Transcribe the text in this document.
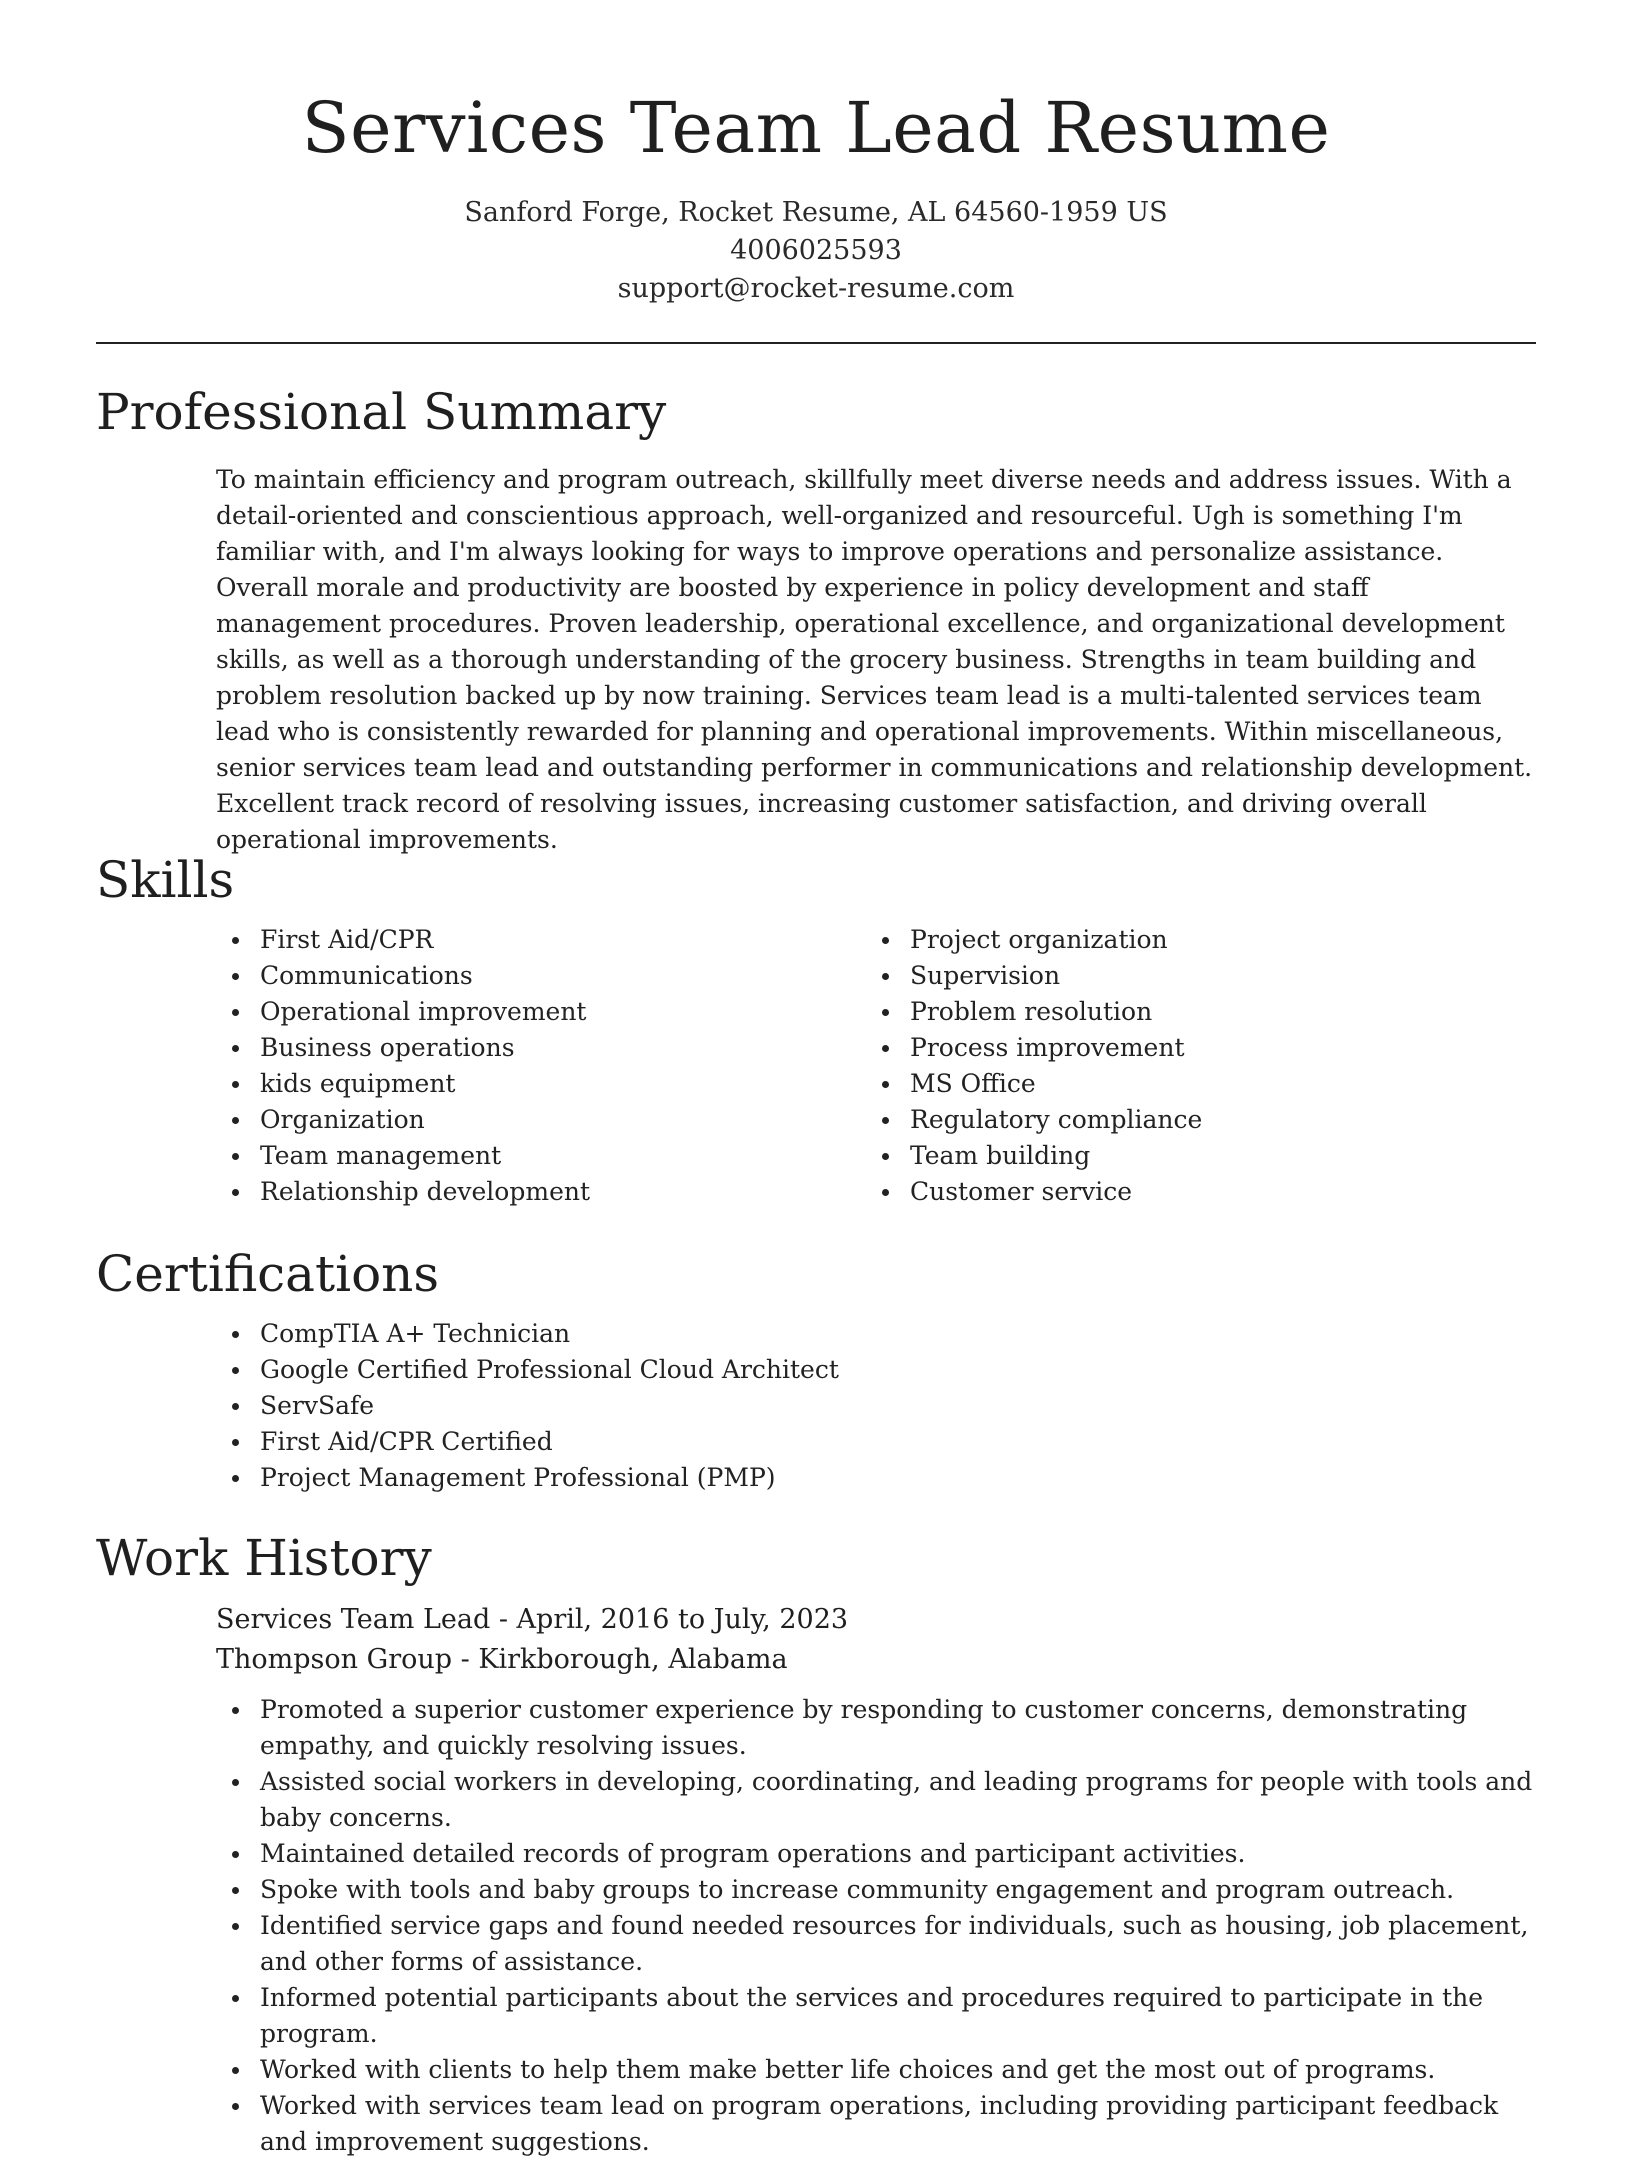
Services Team Lead Resume
Sanford Forge, Rocket Resume, AL 64560-1959 US
4006025593
support@rocket-resume.com
Professional Summary
To maintain efficiency and program outreach, skillfully meet diverse needs and address issues. With a detail-oriented and conscientious approach, well-organized and resourceful. Ugh is something I'm familiar with, and I'm always looking for ways to improve operations and personalize assistance. Overall morale and productivity are boosted by experience in policy development and staff management procedures. Proven leadership, operational excellence, and organizational development skills, as well as a thorough understanding of the grocery business. Strengths in team building and problem resolution backed up by now training. Services team lead is a multi-talented services team lead who is consistently rewarded for planning and operational improvements. Within miscellaneous, senior services team lead and outstanding performer in communications and relationship development. Excellent track record of resolving issues, increasing customer satisfaction, and driving overall operational improvements.
Skills
First Aid/CPR
Communications
Operational improvement
Business operations
kids equipment
Organization
Team management
Relationship development
Project organization
Supervision
Problem resolution
Process improvement
MS Office
Regulatory compliance
Team building
Customer service
Certifications
CompTIA A+ Technician
Google Certified Professional Cloud Architect
ServSafe
First Aid/CPR Certified
Project Management Professional (PMP)
Work History
Services Team Lead - April, 2016 to July, 2023
Thompson Group - Kirkborough, Alabama
Promoted a superior customer experience by responding to customer concerns, demonstrating empathy, and quickly resolving issues.
Assisted social workers in developing, coordinating, and leading programs for people with tools and baby concerns.
Maintained detailed records of program operations and participant activities.
Spoke with tools and baby groups to increase community engagement and program outreach.
Identified service gaps and found needed resources for individuals, such as housing, job placement, and other forms of assistance.
Informed potential participants about the services and procedures required to participate in the program.
Worked with clients to help them make better life choices and get the most out of programs.
Worked with services team lead on program operations, including providing participant feedback and improvement suggestions.
